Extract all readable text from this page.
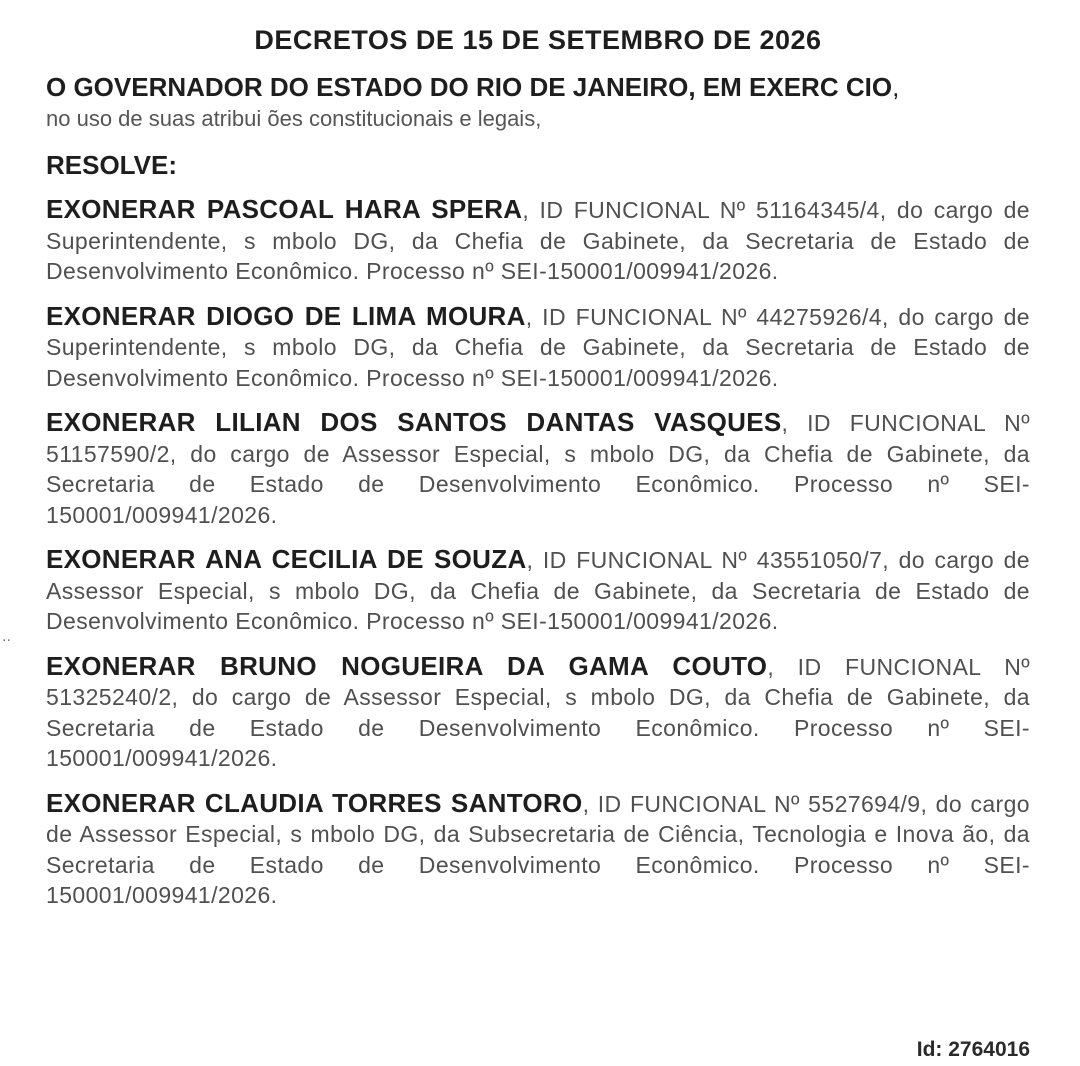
DECRETOS DE 15 DE SETEMBRO DE 2026
O GOVERNADOR DO ESTADO DO RIO DE JANEIRO, EM EXERC CIO,
no uso de suas atribui ões constitucionais e legais,
RESOLVE:
EXONERAR PASCOAL HARA SPERA, ID FUNCIONAL Nº 51164345/4, do cargo de Superintendente, s mbolo DG, da Chefia de Gabinete, da Secretaria de Estado de Desenvolvimento Econômico. Processo nº SEI-150001/009941/2026.
EXONERAR DIOGO DE LIMA MOURA, ID FUNCIONAL Nº 44275926/4, do cargo de Superintendente, s mbolo DG, da Chefia de Gabinete, da Secretaria de Estado de Desenvolvimento Econômico. Processo nº SEI-150001/009941/2026.
EXONERAR LILIAN DOS SANTOS DANTAS VASQUES, ID FUNCIONAL Nº 51157590/2, do cargo de Assessor Especial, s mbolo DG, da Chefia de Gabinete, da Secretaria de Estado de Desenvolvimento Econômico. Processo nº SEI-150001/009941/2026.
EXONERAR ANA CECILIA DE SOUZA, ID FUNCIONAL Nº 43551050/7, do cargo de Assessor Especial, s mbolo DG, da Chefia de Gabinete, da Secretaria de Estado de Desenvolvimento Econômico. Processo nº SEI-150001/009941/2026.
EXONERAR BRUNO NOGUEIRA DA GAMA COUTO, ID FUNCIONAL Nº 51325240/2, do cargo de Assessor Especial, s mbolo DG, da Chefia de Gabinete, da Secretaria de Estado de Desenvolvimento Econômico. Processo nº SEI-150001/009941/2026.
EXONERAR CLAUDIA TORRES SANTORO, ID FUNCIONAL Nº 5527694/9, do cargo de Assessor Especial, s mbolo DG, da Subsecretaria de Ciência, Tecnologia e Inova ão, da Secretaria de Estado de Desenvolvimento Econômico. Processo nº SEI-150001/009941/2026.
..
Id: 2764016
